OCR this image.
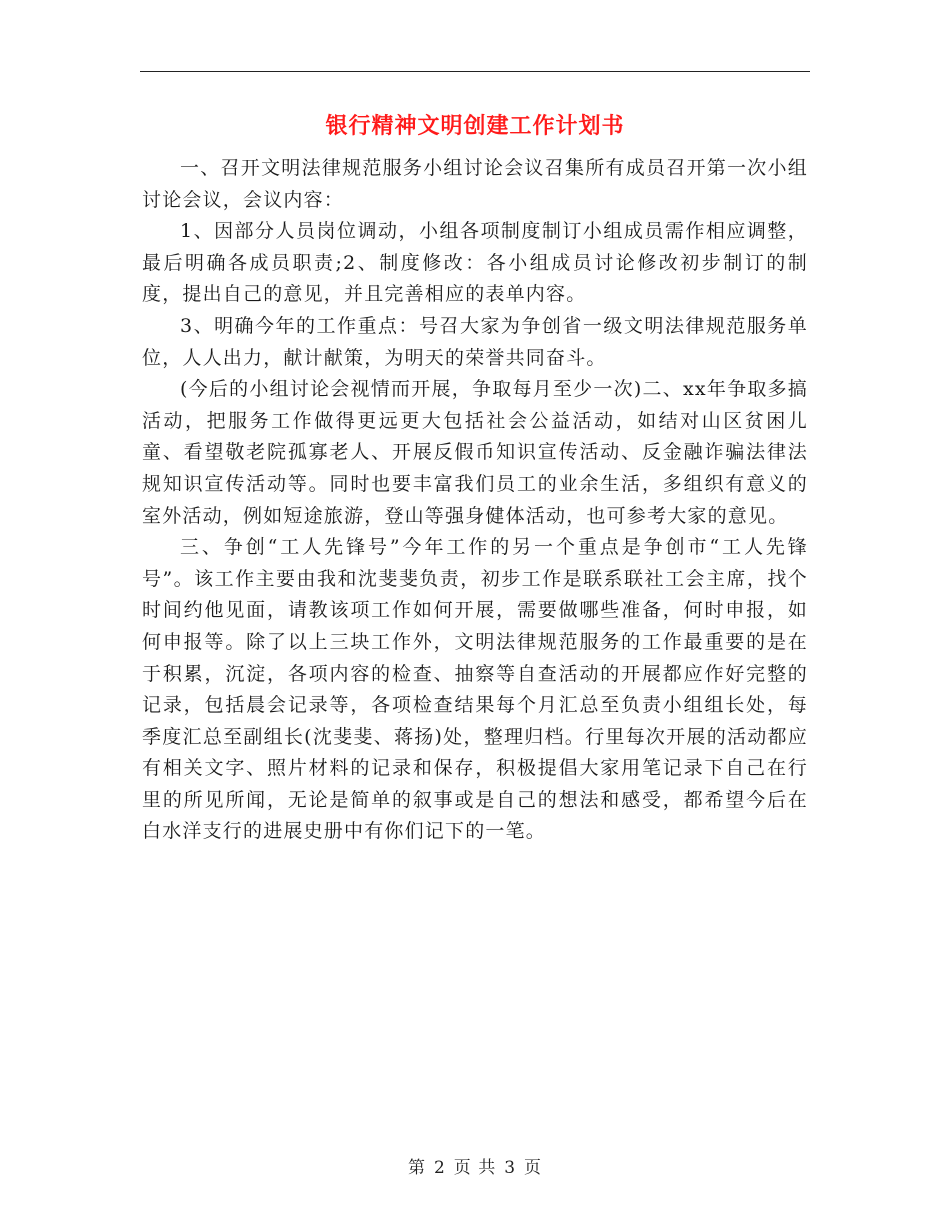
银行精神文明创建工作计划书

一、召开文明法律规范服务小组讨论会议召集所有成员召开第一次小组讨论会议，会议内容：

1、因部分人员岗位调动，小组各项制度制订小组成员需作相应调整，最后明确各成员职责;2、制度修改：各小组成员讨论修改初步制订的制度，提出自己的意见，并且完善相应的表单内容。

3、明确今年的工作重点：号召大家为争创省一级文明法律规范服务单位，人人出力，献计献策，为明天的荣誉共同奋斗。

(今后的小组讨论会视情而开展，争取每月至少一次)二、xx年争取多搞活动，把服务工作做得更远更大包括社会公益活动，如结对山区贫困儿童、看望敬老院孤寡老人、开展反假币知识宣传活动、反金融诈骗法律法规知识宣传活动等。同时也要丰富我们员工的业余生活，多组织有意义的室外活动，例如短途旅游，登山等强身健体活动，也可参考大家的意见。

三、争创“工人先锋号”今年工作的另一个重点是争创市“工人先锋号”。该工作主要由我和沈斐斐负责，初步工作是联系联社工会主席，找个时间约他见面，请教该项工作如何开展，需要做哪些准备，何时申报，如何申报等。除了以上三块工作外，文明法律规范服务的工作最重要的是在于积累，沉淀，各项内容的检查、抽察等自查活动的开展都应作好完整的记录，包括晨会记录等，各项检查结果每个月汇总至负责小组组长处，每季度汇总至副组长(沈斐斐、蒋扬)处，整理归档。行里每次开展的活动都应有相关文字、照片材料的记录和保存，积极提倡大家用笔记录下自己在行里的所见所闻，无论是简单的叙事或是自己的想法和感受，都希望今后在白水洋支行的进展史册中有你们记下的一笔。

第 2 页 共 3 页
